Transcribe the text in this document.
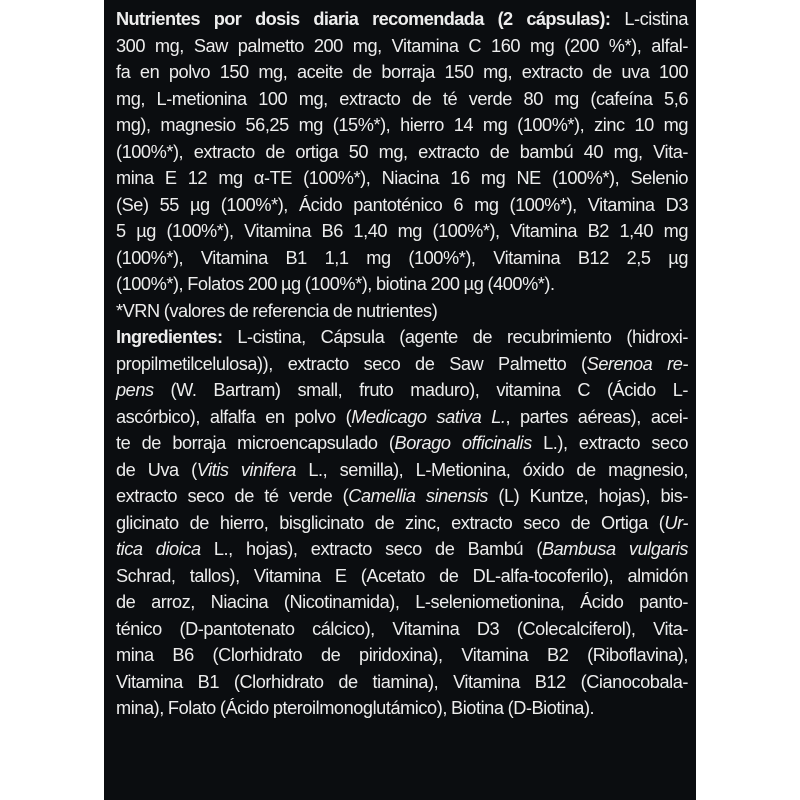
Nutrientes por dosis diaria recomendada (2 cápsulas): L-cistina
300 mg, Saw palmetto 200 mg, Vitamina C 160 mg (200 %*), alfal-
fa en polvo 150 mg, aceite de borraja 150 mg, extracto de uva 100
mg, L-metionina 100 mg, extracto de té verde 80 mg (cafeína 5,6
mg), magnesio 56,25 mg (15%*), hierro 14 mg (100%*), zinc 10 mg
(100%*), extracto de ortiga 50 mg, extracto de bambú 40 mg, Vita-
mina E 12 mg α-TE (100%*), Niacina 16 mg NE (100%*), Selenio
(Se) 55 µg (100%*), Ácido pantoténico 6 mg (100%*), Vitamina D3
5 µg (100%*), Vitamina B6 1,40 mg (100%*), Vitamina B2 1,40 mg
(100%*), Vitamina B1 1,1 mg (100%*), Vitamina B12 2,5 µg
(100%*), Folatos 200 µg (100%*), biotina 200 µg (400%*).
*VRN (valores de referencia de nutrientes)
Ingredientes: L-cistina, Cápsula (agente de recubrimiento (hidroxi-
propilmetilcelulosa)), extracto seco de Saw Palmetto (Serenoa re-
pens (W. Bartram) small, fruto maduro), vitamina C (Ácido L-
ascórbico), alfalfa en polvo (Medicago sativa L., partes aéreas), acei-
te de borraja microencapsulado (Borago officinalis L.), extracto seco
de Uva (Vitis vinifera L., semilla), L-Metionina, óxido de magnesio,
extracto seco de té verde (Camellia sinensis (L) Kuntze, hojas), bis-
glicinato de hierro, bisglicinato de zinc, extracto seco de Ortiga (Ur-
tica dioica L., hojas), extracto seco de Bambú (Bambusa vulgaris
Schrad, tallos), Vitamina E (Acetato de DL-alfa-tocoferilo), almidón
de arroz, Niacina (Nicotinamida), L-seleniometionina, Ácido panto-
ténico (D-pantotenato cálcico), Vitamina D3 (Colecalciferol), Vita-
mina B6 (Clorhidrato de piridoxina), Vitamina B2 (Riboflavina),
Vitamina B1 (Clorhidrato de tiamina), Vitamina B12 (Cianocobala-
mina), Folato (Ácido pteroilmonoglutámico), Biotina (D-Biotina).
